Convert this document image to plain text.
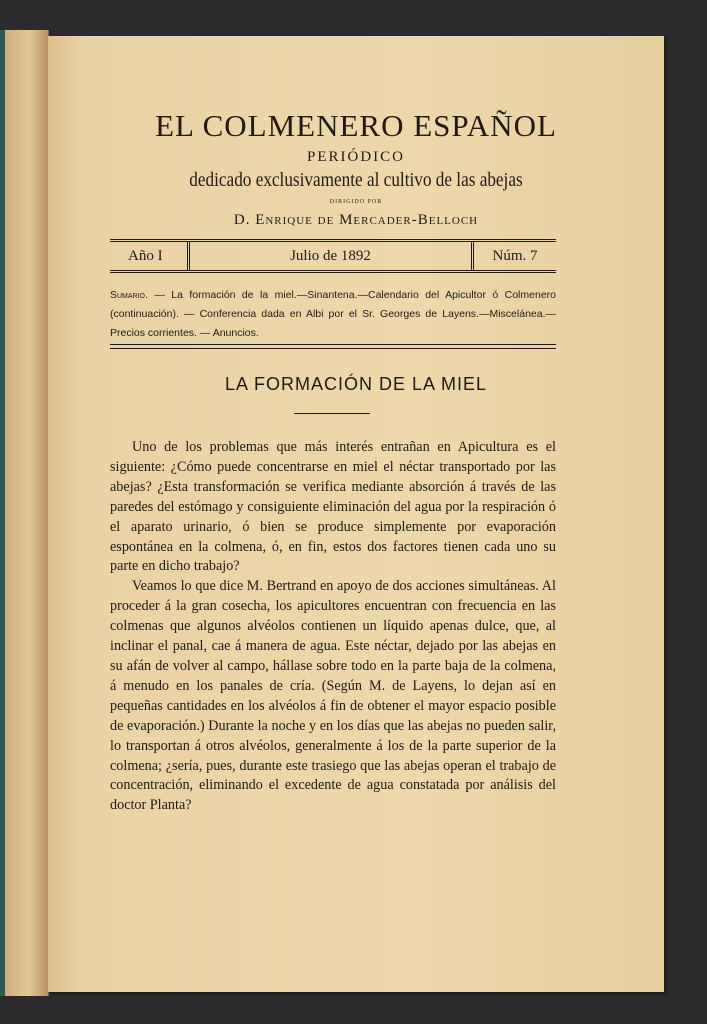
EL COLMENERO ESPAÑOL
PERIÓDICO
dedicado exclusivamente al cultivo de las abejas
DIRIGIDO POR
D. Enrique de Mercader-Belloch
Año I	Julio de 1892	Núm. 7
Sumario. — La formación de la miel.—Sinantena.—Calendario del Apicultor ó Colmenero (continuación). — Conferencia dada en Albi por el Sr. Georges de Layens.—Miscelánea.—Precios corrientes. — Anuncios.
LA FORMACIÓN DE LA MIEL

Uno de los problemas que más interés entrañan en Apicultura es el siguiente: ¿Cómo puede concentrarse en miel el néctar transportado por las abejas? ¿Esta transformación se verifica mediante absorción á través de las paredes del estómago y consiguiente eliminación del agua por la respiración ó el aparato urinario, ó bien se produce simplemente por evaporación espontánea en la colmena, ó, en fin, estos dos factores tienen cada uno su parte en dicho trabajo?

Veamos lo que dice M. Bertrand en apoyo de dos acciones simultáneas. Al proceder á la gran cosecha, los apicultores encuentran con frecuencia en las colmenas que algunos alvéolos contienen un líquido apenas dulce, que, al inclinar el panal, cae á manera de agua. Este néctar, dejado por las abejas en su afán de volver al campo, hállase sobre todo en la parte baja de la colmena, á menudo en los panales de cría. (Según M. de Layens, lo dejan así en pequeñas cantidades en los alvéolos á fin de obtener el mayor espacio posible de evaporación.) Durante la noche y en los días que las abejas no pueden salir, lo transportan á otros alvéolos, generalmente á los de la parte superior de la colmena; ¿sería, pues, durante este trasiego que las abejas operan el trabajo de concentración, eliminando el excedente de agua constatada por análisis del doctor Planta?
